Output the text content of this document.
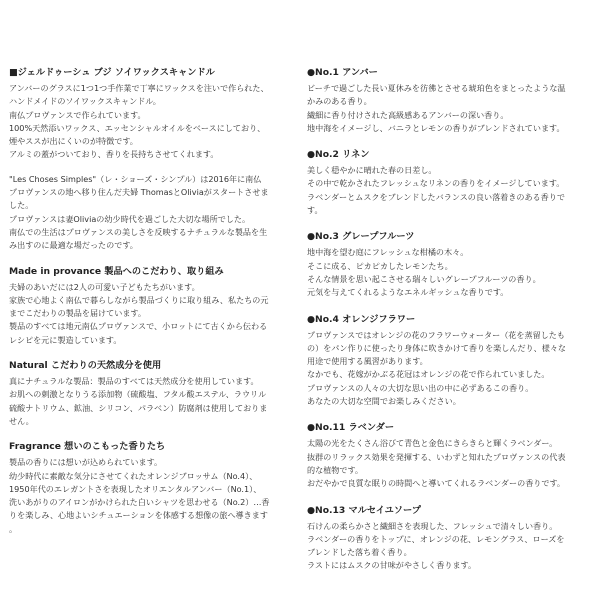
■ジェルドゥーシュ ブジ ソイワックスキャンドル
アンバーのグラスに1つ1つ手作業で丁寧にワックスを注いで作られた、
ハンドメイドのソイワックスキャンドル。
南仏プロヴァンスで作られています。
100%天然添いワックス、エッセンシャルオイルをベースにしており、
煙やススが出にくいのが特徴です。
アルミの蓋がついており、香りを長持ちさせてくれます。
"Les Choses Simples"（レ・ショーズ・シンプル）は2016年に南仏
プロヴァンスの地へ移り住んだ夫婦 ThomasとOliviaがスタートさせま
した。
プロヴァンスは妻Oliviaの幼少時代を過ごした大切な場所でした。
南仏での生活はプロヴァンスの美しさを反映するナチュラルな製品を生
み出すのに最適な場だったのです。
Made in provance 製品へのこだわり、取り組み
夫婦のあいだには2人の可愛い子どもたちがいます。
家族で心地よく南仏で暮らしながら製品づくりに取り組み、私たちの元
までこだわりの製品を届けています。
製品のすべては地元南仏プロヴァンスで、小ロットにて古くから伝わる
レシピを元に製造しています。
Natural こだわりの天然成分を使用
真にナチュラルな製品：製品のすべては天然成分を使用しています。
お肌への刺激となりうる添加物（硫酸塩、フタル酸エステル、ラウリル
硫酸ナトリウム、鉱油、シリコン、パラベン）防腐剤は使用しておりま
せん。
Fragrance 想いのこもった香りたち
製品の香りには想いが込められています。
幼少時代に素敵な気分にさせてくれたオレンジブロッサム（No.4）、
1950年代のエレガントさを表現したオリエンタルアンバー（No.1）、
洗いあがりのアイロンがかけられた白いシャツを思わせる（No.2）…香
りを楽しみ、心地よいシチュエーションを体感する想像の旅へ導きます
。
●No.1 アンバー
ビーチで過ごした長い夏休みを彷彿とさせる琥珀色をまとったような温
かみのある香り。
繊細に香り付けされた高級感あるアンバーの深い香り。
地中海をイメージし、バニラとレモンの香りがブレンドされています。
●No.2 リネン
美しく穏やかに晴れた春の日差し。
その中で乾かされたフレッシュなリネンの香りをイメージしています。
ラベンダーとムスクをブレンドしたバランスの良い落着きのある香りで
す。
●No.3 グレープフルーツ
地中海を望む庭にフレッシュな柑橘の木々。
そこに成る、ピカピカしたレモンたち。
そんな情景を思い起こさせる瑞々しいグレープフルーツの香り。
元気を与えてくれるようなエネルギッシュな香りです。
●No.4 オレンジフラワー
プロヴァンスではオレンジの花のフラワーウォーター（花を蒸留したも
の）をパン作りに使ったり身体に吹きかけて香りを楽しんだり、様々な
用途で使用する風習があります。
なかでも、花嫁がかぶる花冠はオレンジの花で作られていました。
プロヴァンスの人々の大切な思い出の中に必ずあるこの香り。
あなたの大切な空間でお楽しみください。
●No.11 ラベンダー
太陽の光をたくさん浴びて青色と金色にきらきらと輝くラベンダー。
抜群のリラックス効果を発揮する、いわずと知れたプロヴァンスの代表
的な植物です。
おだやかで良質な眠りの時間へと導いてくれるラベンダーの香りです。
●No.13 マルセイユソープ
石けんの柔らかさと繊細さを表現した、フレッシュで清々しい香り。
ラベンダーの香りをトップに、オレンジの花、レモングラス、ローズを
ブレンドした落ち着く香り。
ラストにはムスクの甘味がやさしく香ります。
